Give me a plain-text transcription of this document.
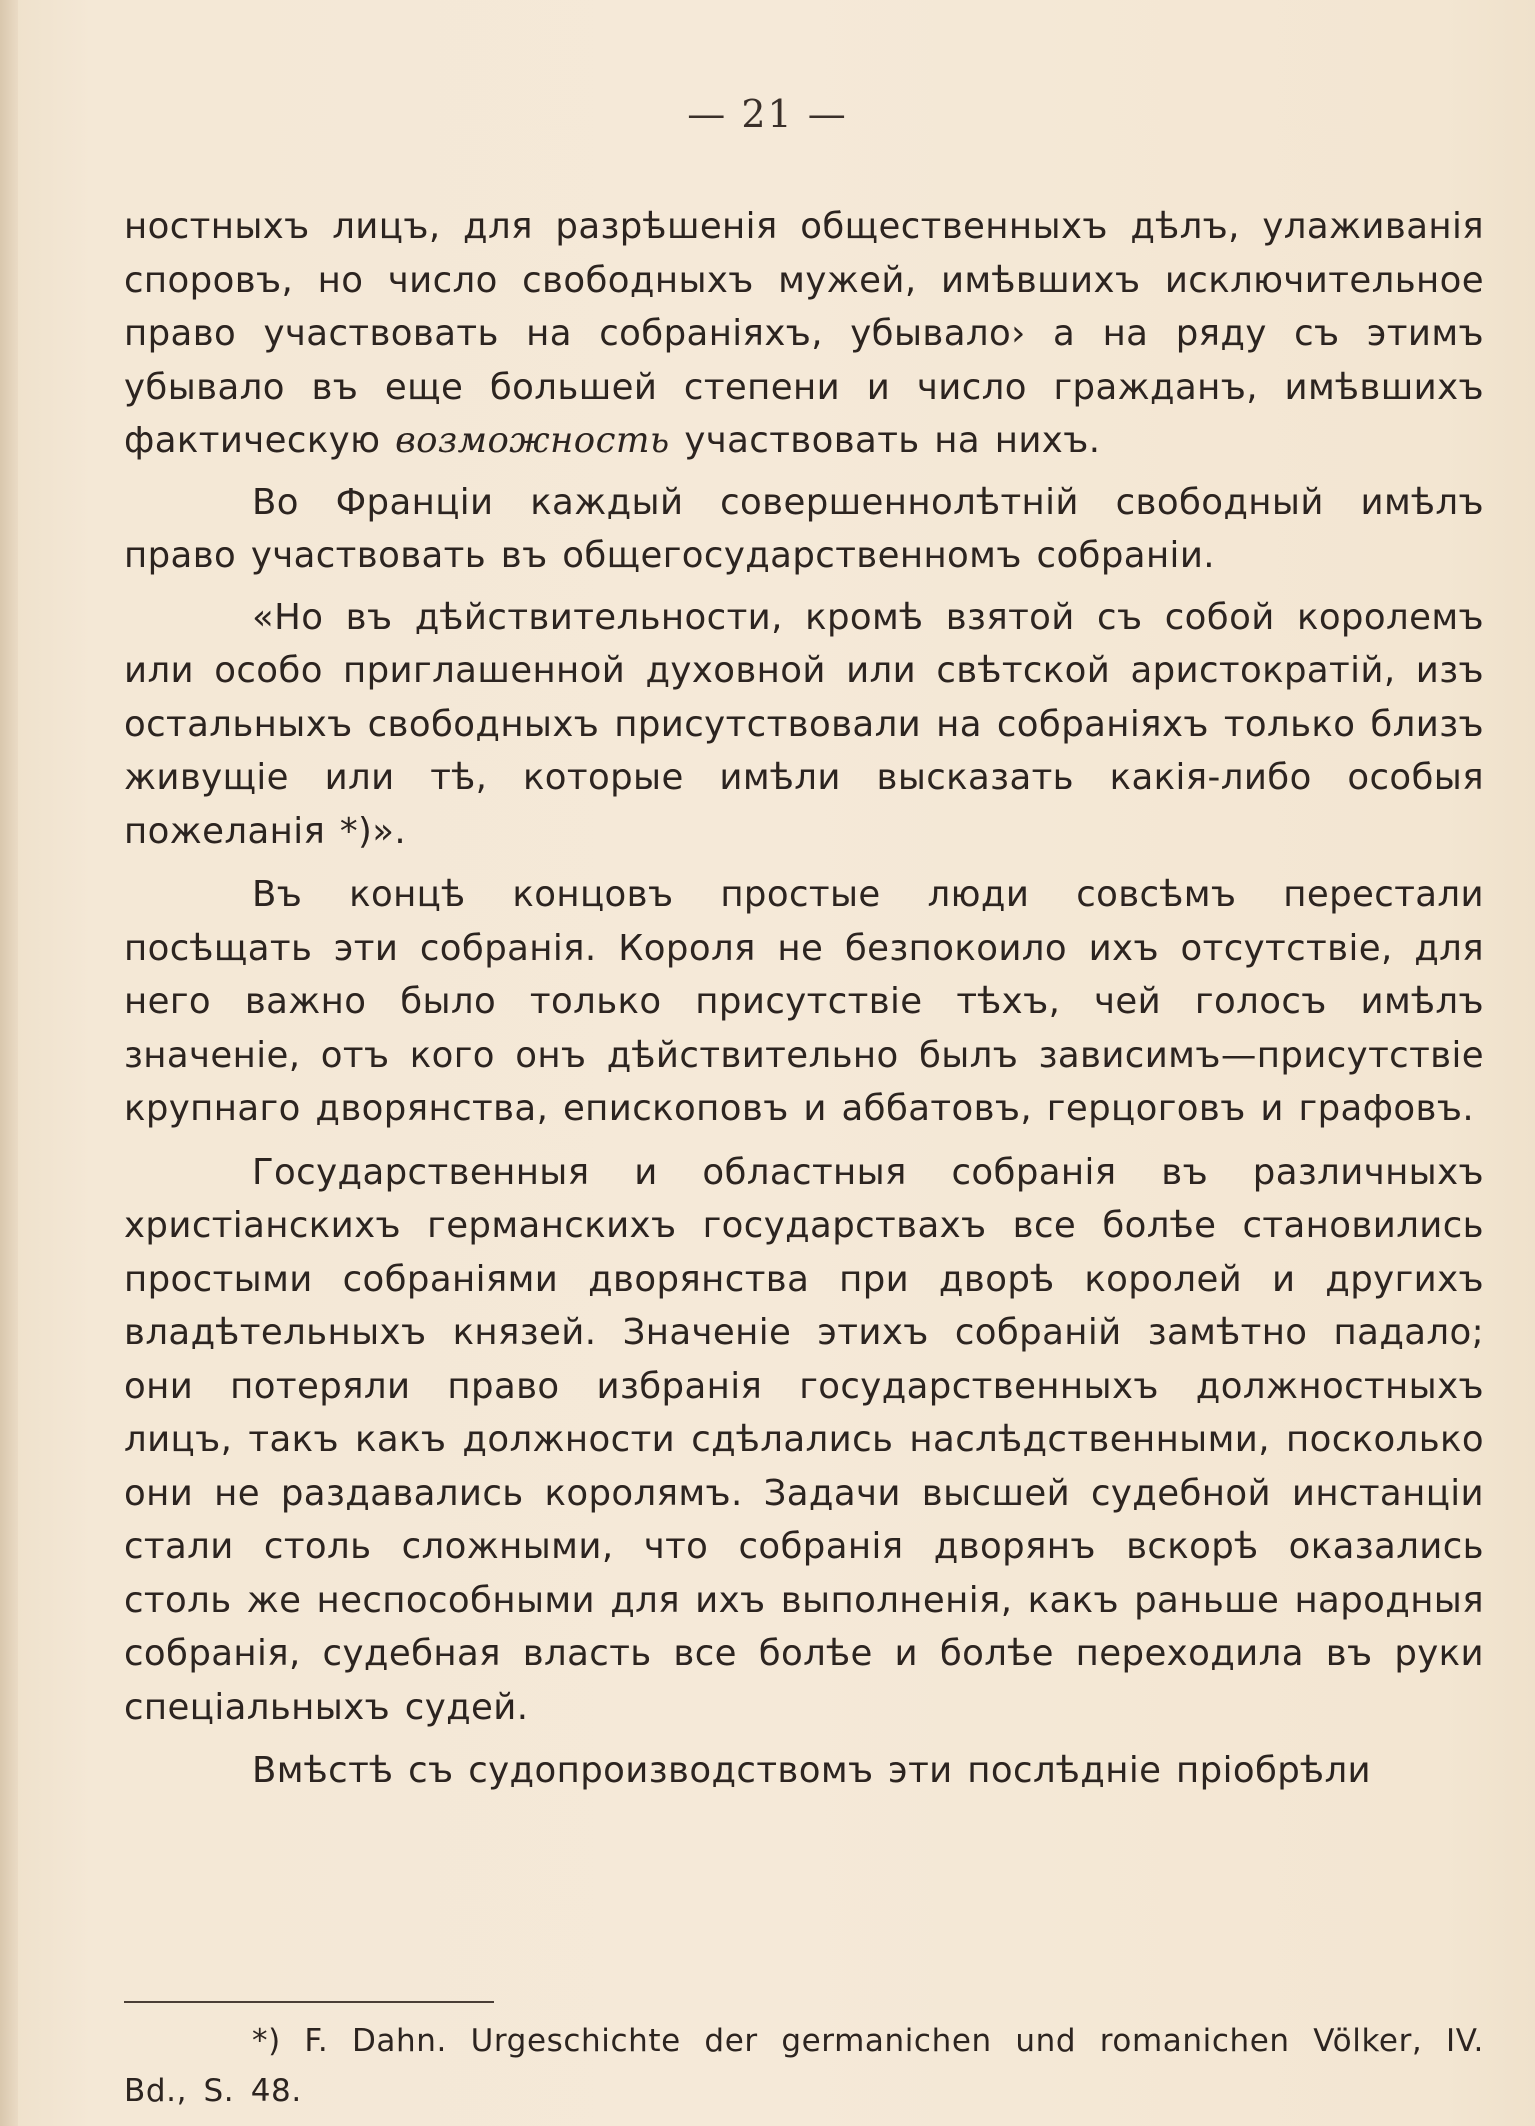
— 21 —

ностныхъ лицъ, для разрѣшенія общественныхъ дѣлъ, улаживанія споровъ, но число свободныхъ мужей, имѣвшихъ исключительное право участвовать на собраніяхъ, убывало› а на ряду съ этимъ убывало въ еще большей степени и число гражданъ, имѣвшихъ фактическую возможность участвовать на нихъ.

Во Франціи каждый совершеннолѣтній свободный имѣлъ право участвовать въ общегосударственномъ собраніи.

«Но въ дѣйствительности, кромѣ взятой съ собой королемъ или особо приглашенной духовной или свѣтской аристократій, изъ остальныхъ свободныхъ присутствовали на собраніяхъ только близъ живущіе или тѣ, которые имѣли высказать какія-либо особыя пожеланія *)».

Въ концѣ концовъ простые люди совсѣмъ перестали посѣщать эти собранія. Короля не безпокоило ихъ отсутствіе, для него важно было только присутствіе тѣхъ, чей голосъ имѣлъ значеніе, отъ кого онъ дѣйствительно былъ зависимъ—присутствіе крупнаго дворянства, епископовъ и аббатовъ, герцоговъ и графовъ.

Государственныя и областныя собранія въ различныхъ христіанскихъ германскихъ государствахъ все болѣе становились простыми собраніями дворянства при дворѣ королей и другихъ владѣтельныхъ князей. Значеніе этихъ собраній замѣтно падало; они потеряли право избранія государственныхъ должностныхъ лицъ, такъ какъ должности сдѣлались наслѣдственными, посколько они не раздавались королямъ. Задачи высшей судебной инстанціи стали столь сложными, что собранія дворянъ вскорѣ оказались столь же неспособными для ихъ выполненія, какъ раньше народныя собранія, судебная власть все болѣе и болѣе переходила въ руки спеціальныхъ судей.

Вмѣстѣ съ судопроизводствомъ эти послѣдніе пріобрѣли

*) F. Dahn. Urgeschichte der germanichen und romanichen Völker, IV. Bd., S. 48.
